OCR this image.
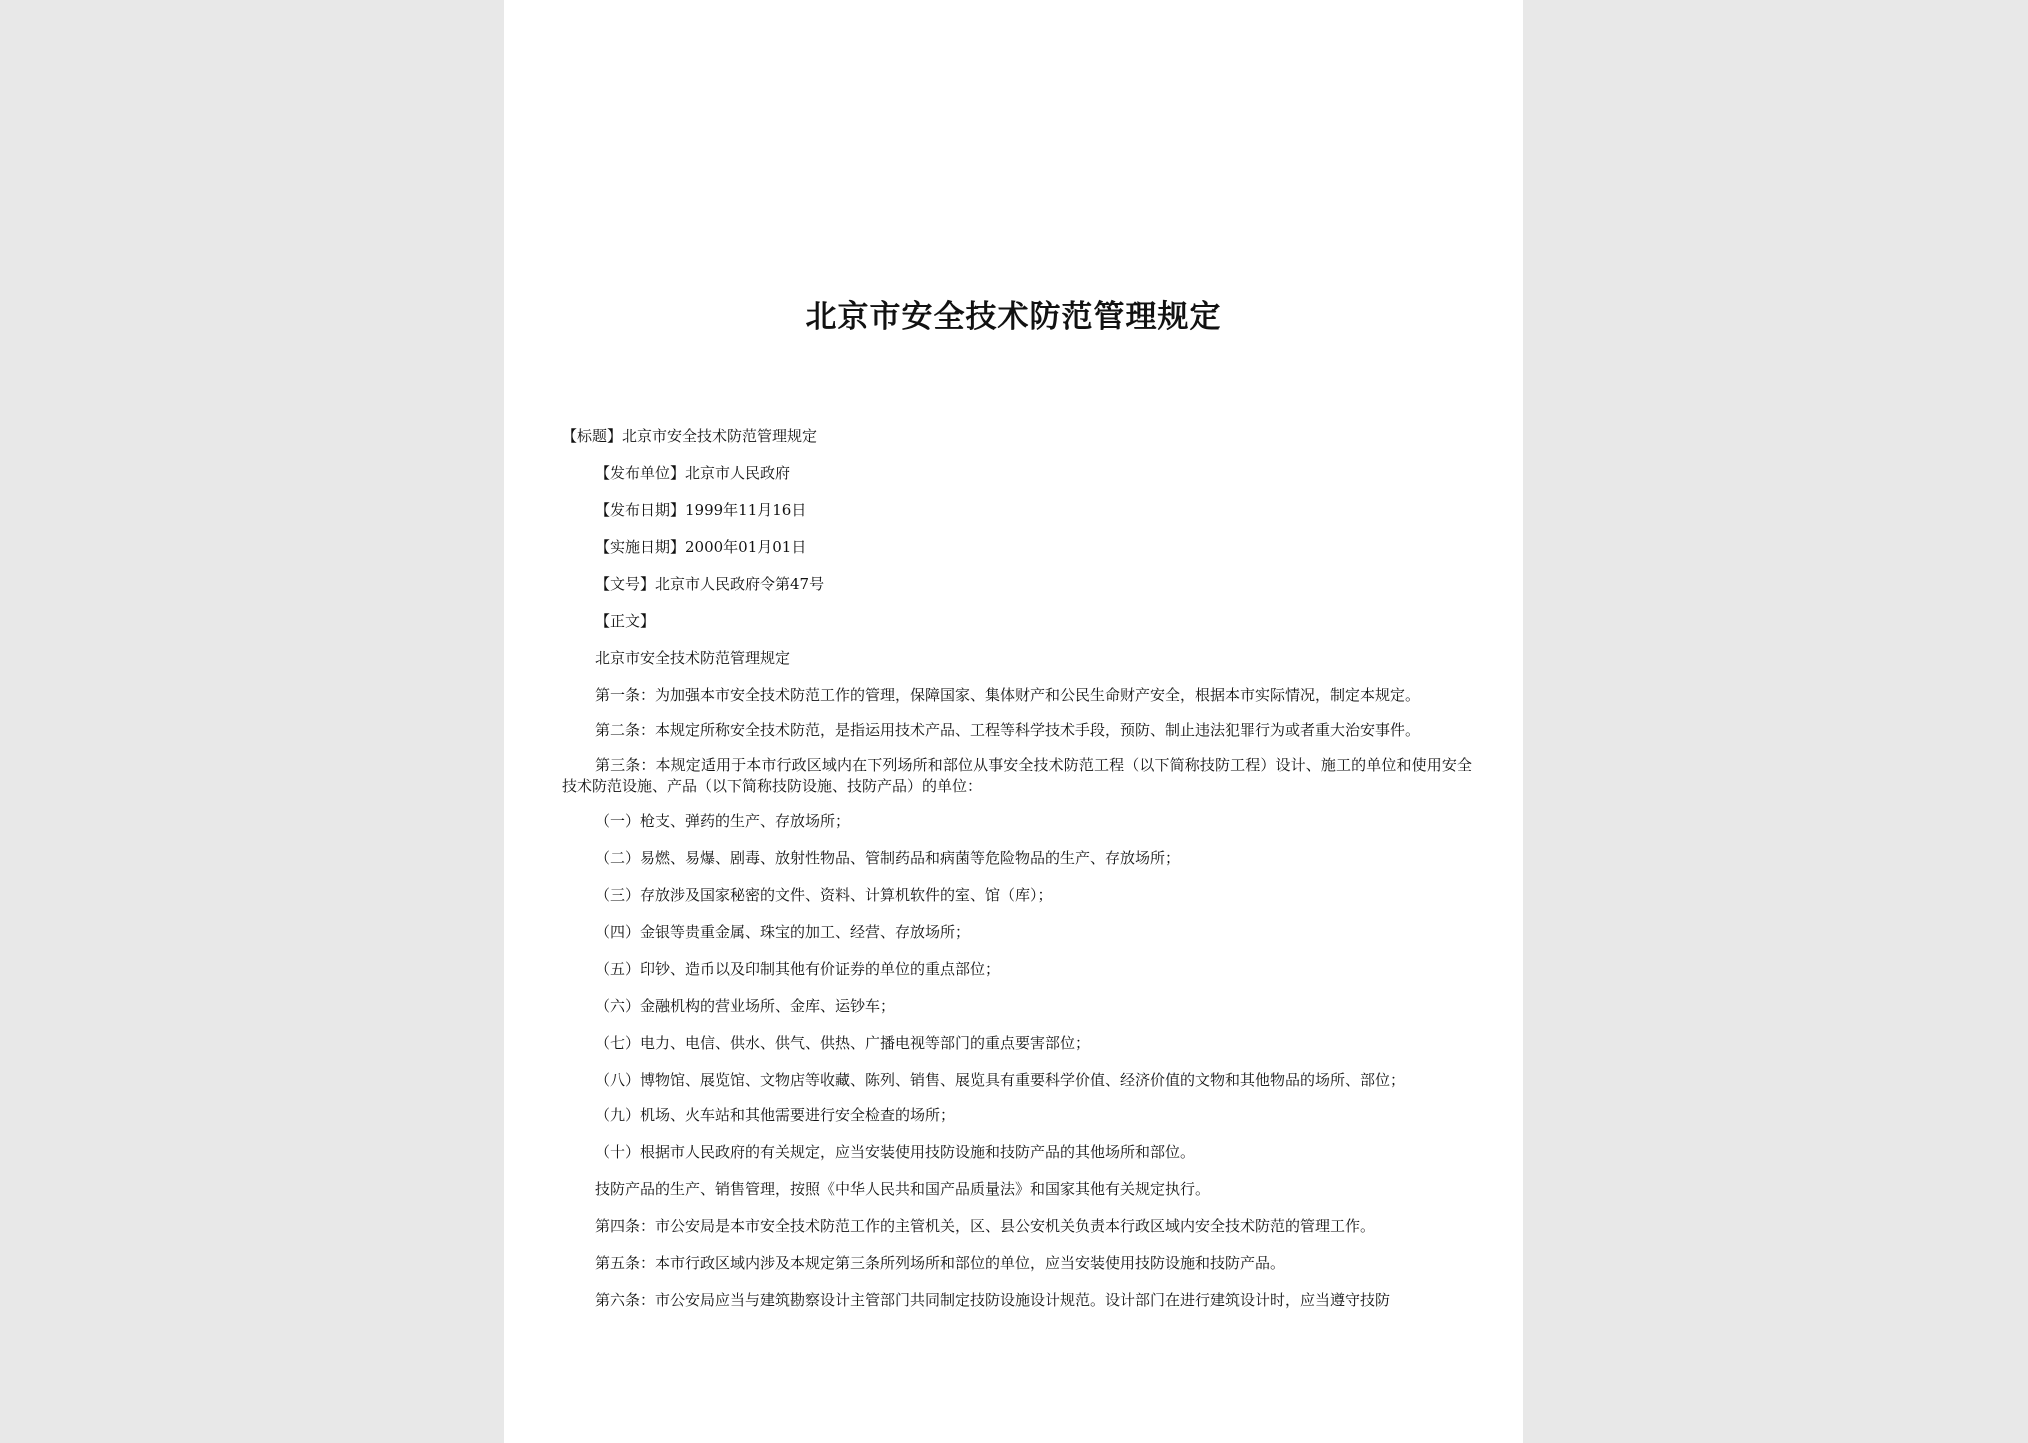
北京市安全技术防范管理规定

【标题】北京市安全技术防范管理规定

【发布单位】北京市人民政府

【发布日期】1999年11月16日

【实施日期】2000年01月01日

【文号】北京市人民政府令第47号

【正文】

北京市安全技术防范管理规定

第一条：为加强本市安全技术防范工作的管理，保障国家、集体财产和公民生命财产安全，根据本市实际情况，制定本规定。

第二条：本规定所称安全技术防范，是指运用技术产品、工程等科学技术手段，预防、制止违法犯罪行为或者重大治安事件。

第三条：本规定适用于本市行政区域内在下列场所和部位从事安全技术防范工程（以下简称技防工程）设计、施工的单位和使用安全技术防范设施、产品（以下简称技防设施、技防产品）的单位：

（一）枪支、弹药的生产、存放场所；

（二）易燃、易爆、剧毒、放射性物品、管制药品和病菌等危险物品的生产、存放场所；

（三）存放涉及国家秘密的文件、资料、计算机软件的室、馆（库）；

（四）金银等贵重金属、珠宝的加工、经营、存放场所；

（五）印钞、造币以及印制其他有价证券的单位的重点部位；

（六）金融机构的营业场所、金库、运钞车；

（七）电力、电信、供水、供气、供热、广播电视等部门的重点要害部位；

（八）博物馆、展览馆、文物店等收藏、陈列、销售、展览具有重要科学价值、经济价值的文物和其他物品的场所、部位；

（九）机场、火车站和其他需要进行安全检查的场所；

（十）根据市人民政府的有关规定，应当安装使用技防设施和技防产品的其他场所和部位。

技防产品的生产、销售管理，按照《中华人民共和国产品质量法》和国家其他有关规定执行。

第四条：市公安局是本市安全技术防范工作的主管机关，区、县公安机关负责本行政区域内安全技术防范的管理工作。

第五条：本市行政区域内涉及本规定第三条所列场所和部位的单位，应当安装使用技防设施和技防产品。

第六条：市公安局应当与建筑勘察设计主管部门共同制定技防设施设计规范。设计部门在进行建筑设计时，应当遵守技防
